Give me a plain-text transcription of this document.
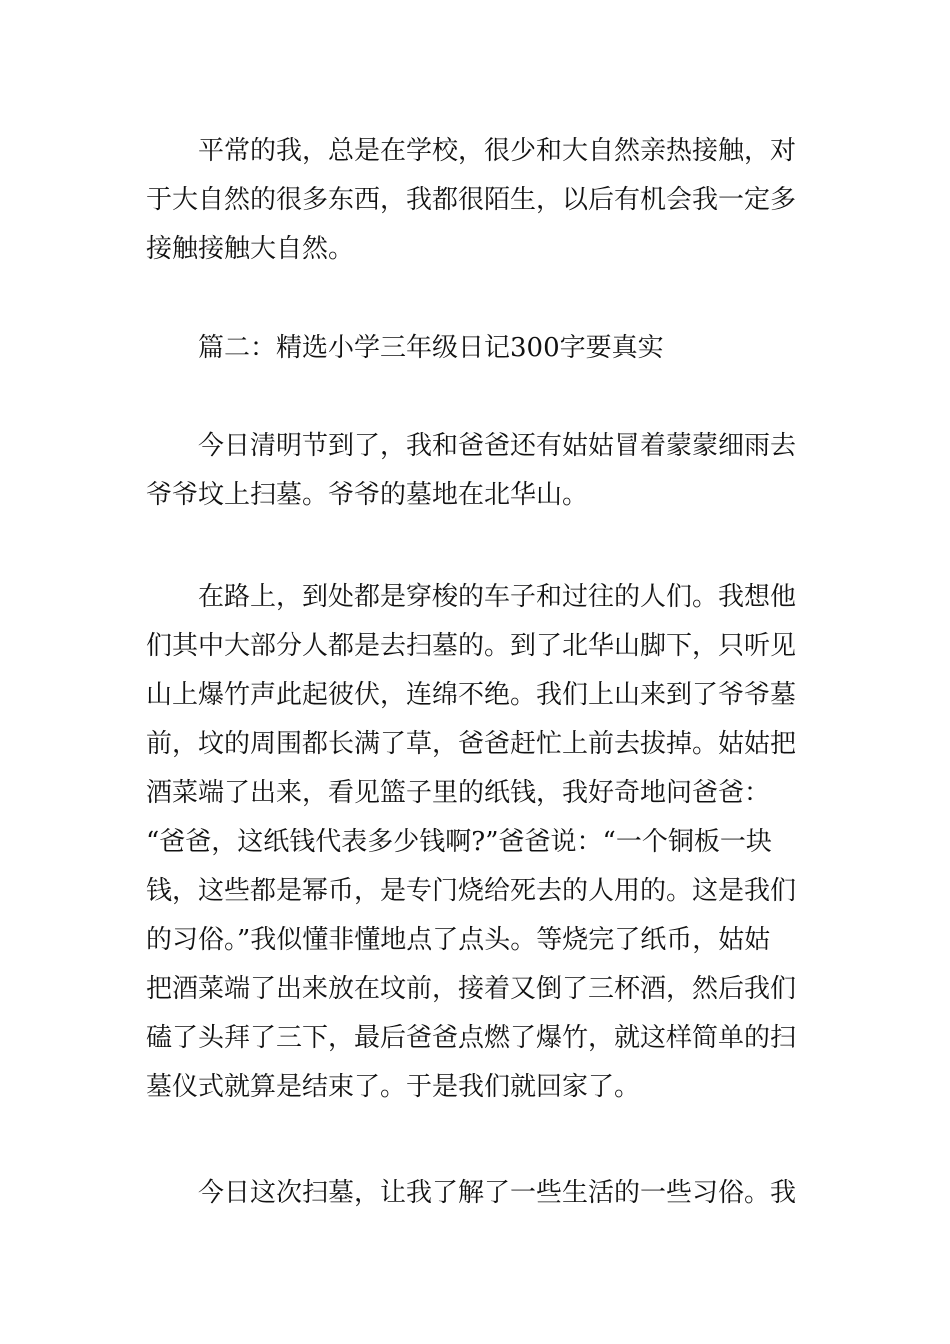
平常的我，总是在学校，很少和大自然亲热接触，对
于大自然的很多东西，我都很陌生，以后有机会我一定多
接触接触大自然。

篇二：精选小学三年级日记300字要真实

今日清明节到了，我和爸爸还有姑姑冒着蒙蒙细雨去
爷爷坟上扫墓。爷爷的墓地在北华山。

在路上，到处都是穿梭的车子和过往的人们。我想他
们其中大部分人都是去扫墓的。到了北华山脚下，只听见
山上爆竹声此起彼伏，连绵不绝。我们上山来到了爷爷墓
前，坟的周围都长满了草，爸爸赶忙上前去拔掉。姑姑把
酒菜端了出来，看见篮子里的纸钱，我好奇地问爸爸：
“爸爸，这纸钱代表多少钱啊?”爸爸说：“一个铜板一块
钱，这些都是幂币，是专门烧给死去的人用的。这是我们
的习俗。”我似懂非懂地点了点头。等烧完了纸币，姑姑
把酒菜端了出来放在坟前，接着又倒了三杯酒，然后我们
磕了头拜了三下，最后爸爸点燃了爆竹，就这样简单的扫
墓仪式就算是结束了。于是我们就回家了。

今日这次扫墓，让我了解了一些生活的一些习俗。我
